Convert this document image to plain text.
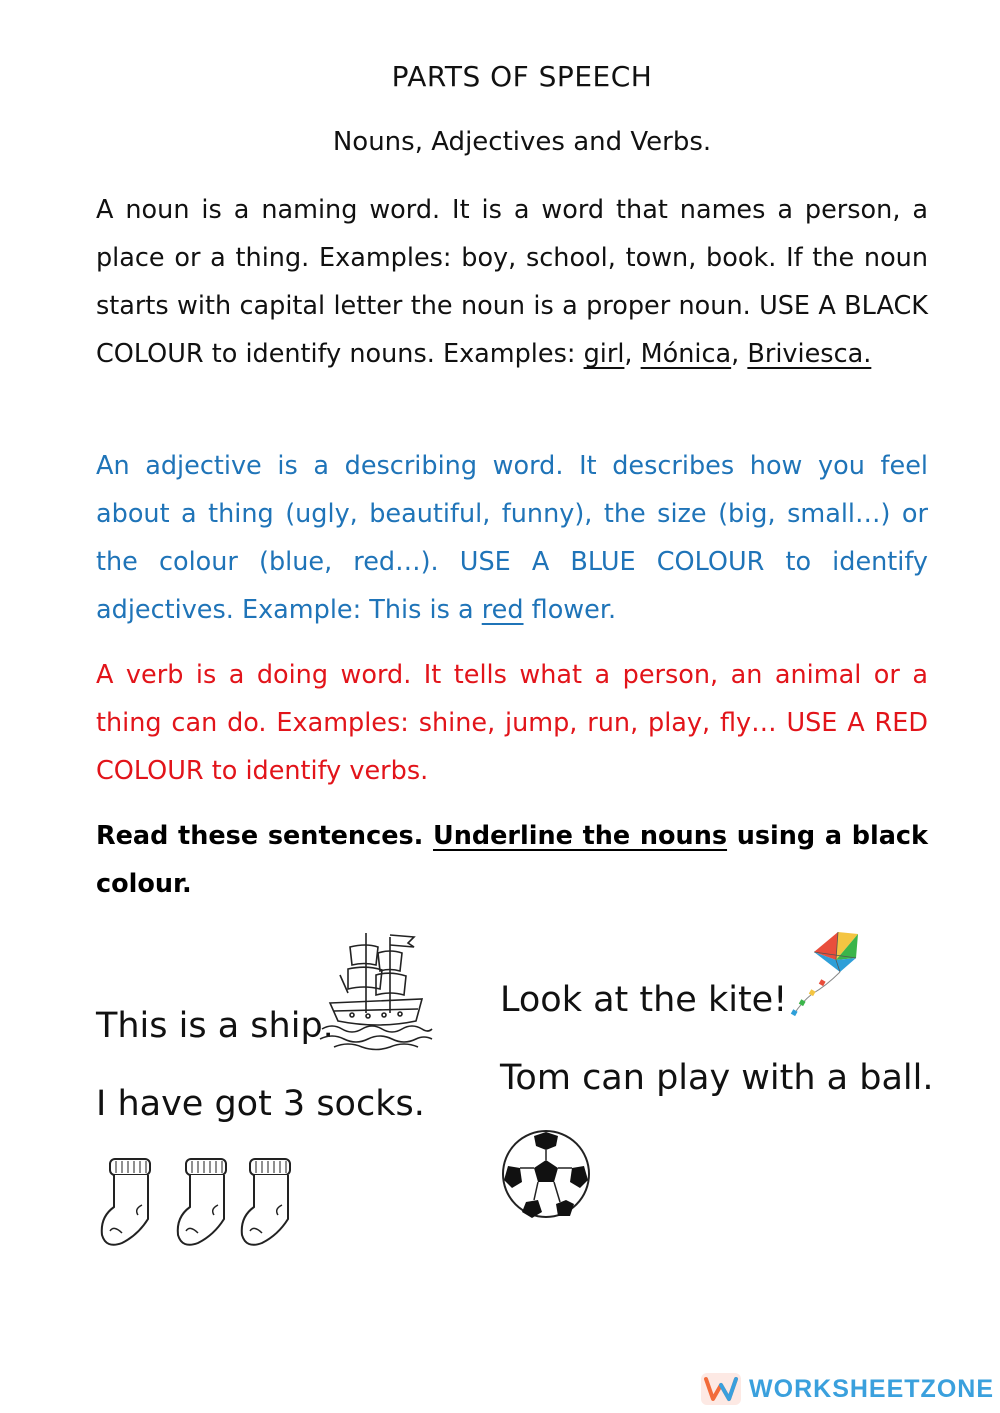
PARTS OF SPEECH
Nouns, Adjectives and Verbs.

A noun is a naming word. It is a word that names a person, a place or a thing. Examples: boy, school, town, book. If the noun starts with capital letter the noun is a proper noun. USE A BLACK COLOUR to identify nouns. Examples: girl, Mónica, Briviesca.

An adjective is a describing word. It describes how you feel about a thing (ugly, beautiful, funny), the size (big, small…) or the colour (blue, red…). USE A BLUE COLOUR to identify adjectives. Example: This is a red flower.

A verb is a doing word. It tells what a person, an animal or a thing can do. Examples: shine, jump, run, play, fly… USE A RED COLOUR to identify verbs.

Read these sentences. Underline the nouns using a black colour.

This is a ship.
I have got 3 socks.
Look at the kite!
Tom can play with a ball.
WORKSHEETZONE
